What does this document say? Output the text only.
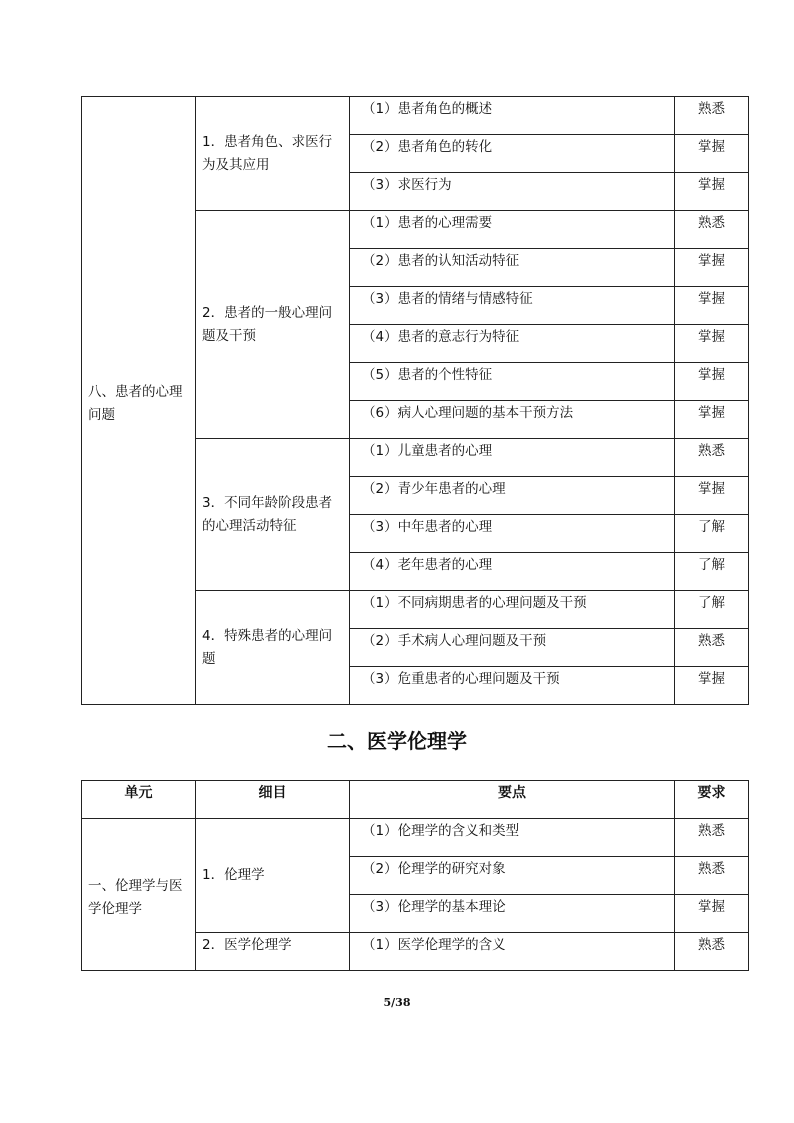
八、患者的心理问题	1．患者角色、求医行为及其应用	（1）患者角色的概述	熟悉
		（2）患者角色的转化	掌握
		（3）求医行为	掌握
	2．患者的一般心理问题及干预	（1）患者的心理需要	熟悉
		（2）患者的认知活动特征	掌握
		（3）患者的情绪与情感特征	掌握
		（4）患者的意志行为特征	掌握
		（5）患者的个性特征	掌握
		（6）病人心理问题的基本干预方法	掌握
	3．不同年龄阶段患者的心理活动特征	（1）儿童患者的心理	熟悉
		（2）青少年患者的心理	掌握
		（3）中年患者的心理	了解
		（4）老年患者的心理	了解
	4．特殊患者的心理问题	（1）不同病期患者的心理问题及干预	了解
		（2）手术病人心理问题及干预	熟悉
		（3）危重患者的心理问题及干预	掌握
二、医学伦理学
单元	细目	要点	要求
一、伦理学与医学伦理学	1．伦理学	（1）伦理学的含义和类型	熟悉
		（2）伦理学的研究对象	熟悉
		（3）伦理学的基本理论	掌握
	2．医学伦理学	（1）医学伦理学的含义	熟悉
5/38
